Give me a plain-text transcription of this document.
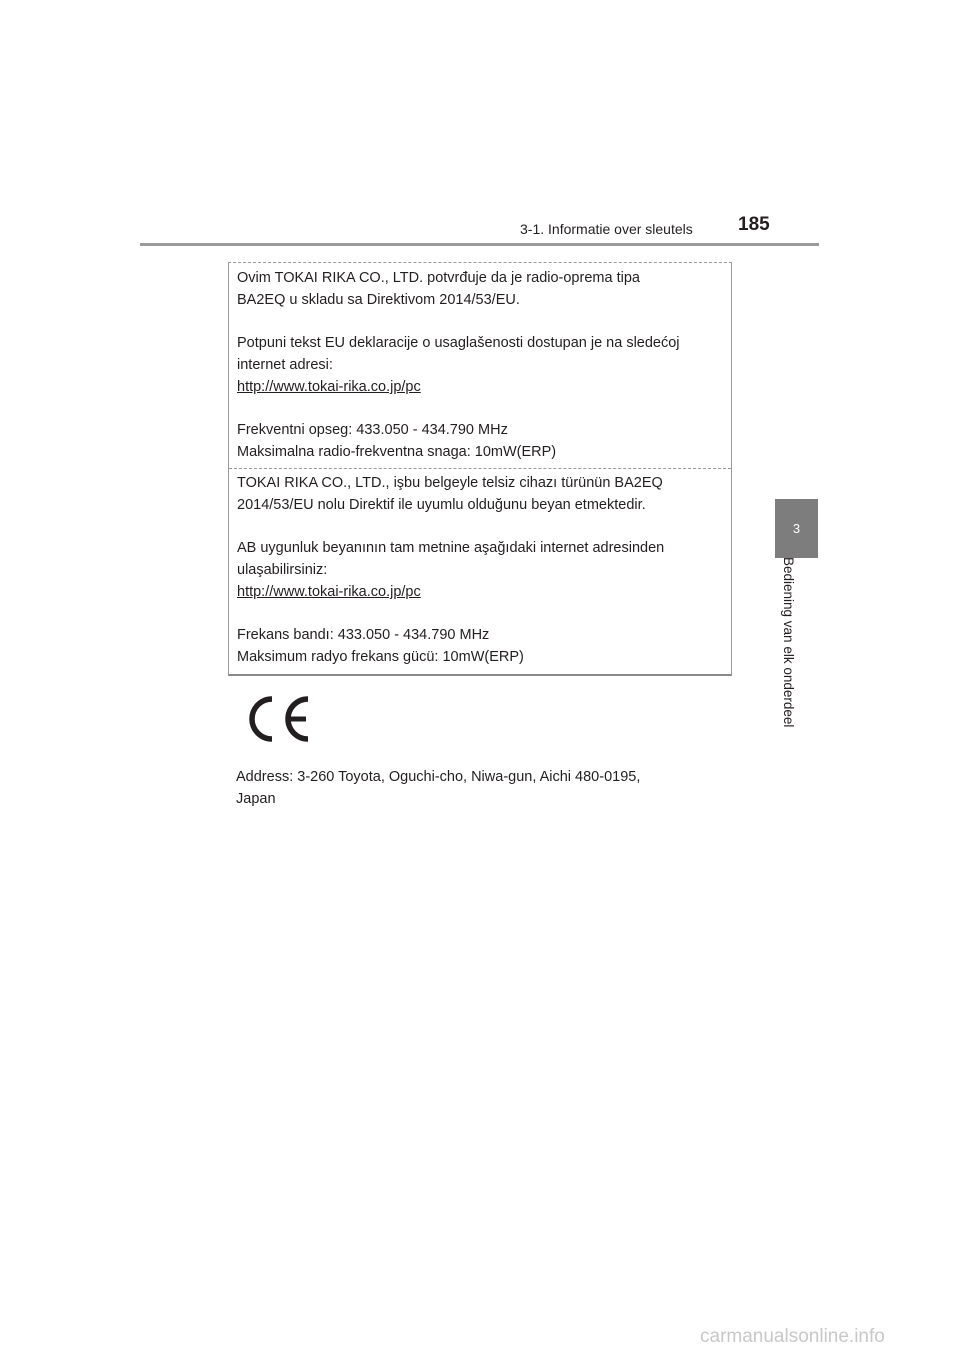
3-1. Informatie over sleutels	185
3
Bediening van elk onderdeel

Ovim TOKAI RIKA CO., LTD. potvrđuje da je radio-oprema tipa

BA2EQ u skladu sa Direktivom 2014/53/EU.

Potpuni tekst EU deklaracije o usaglašenosti dostupan je na sledećoj

internet adresi:

http://www.tokai-rika.co.jp/pc

Frekventni opseg: 433.050 - 434.790 MHz

Maksimalna radio-frekventna snaga: 10mW(ERP)

TOKAI RIKA CO., LTD., işbu belgeyle telsiz cihazı türünün BA2EQ

2014/53/EU nolu Direktif ile uyumlu olduğunu beyan etmektedir.

AB uygunluk beyanının tam metnine aşağıdaki internet adresinden

ulaşabilirsiniz:

http://www.tokai-rika.co.jp/pc

Frekans bandı: 433.050 - 434.790 MHz

Maksimum radyo frekans gücü: 10mW(ERP)

Address: 3-260 Toyota, Oguchi-cho, Niwa-gun, Aichi 480-0195,

Japan

carmanualsonline.info
